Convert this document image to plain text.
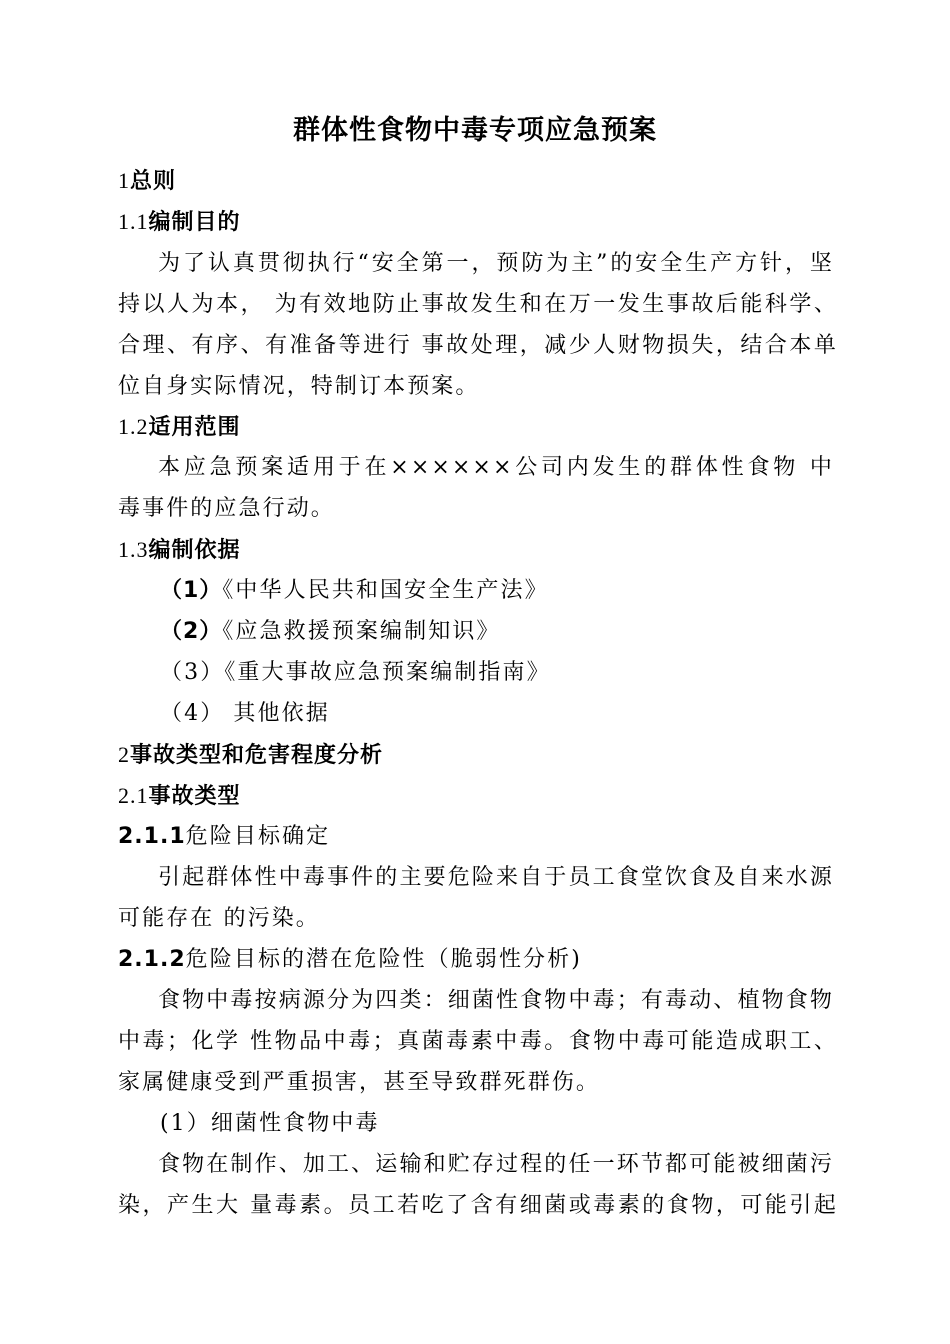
群体性食物中毒专项应急预案
1总则
1.1编制目的
为了认真贯彻执行“安全第一，预防为主”的安全生产方针，坚
持以人为本， 为有效地防止事故发生和在万一发生事故后能科学、
合理、有序、有准备等进行 事故处理，减少人财物损失，结合本单
位自身实际情况，特制订本预案。
1.2适用范围
本应急预案适用于在××××××公司内发生的群体性食物 中
毒事件的应急行动。
1.3编制依据
（1）《中华人民共和国安全生产法》
（2）《应急救援预案编制知识》
（3）《重大事故应急预案编制指南》
（4） 其他依据
2事故类型和危害程度分析
2.1事故类型
2.1.1危险目标确定
引起群体性中毒事件的主要危险来自于员工食堂饮食及自来水源
可能存在 的污染。
2.1.2危险目标的潜在危险性（脆弱性分析)
食物中毒按病源分为四类：细菌性食物中毒；有毒动、植物食物
中毒；化学 性物品中毒；真菌毒素中毒。食物中毒可能造成职工、
家属健康受到严重损害，甚至导致群死群伤。
(1）细菌性食物中毒
食物在制作、加工、运输和贮存过程的任一环节都可能被细菌污
染，产生大 量毒素。员工若吃了含有细菌或毒素的食物，可能引起
